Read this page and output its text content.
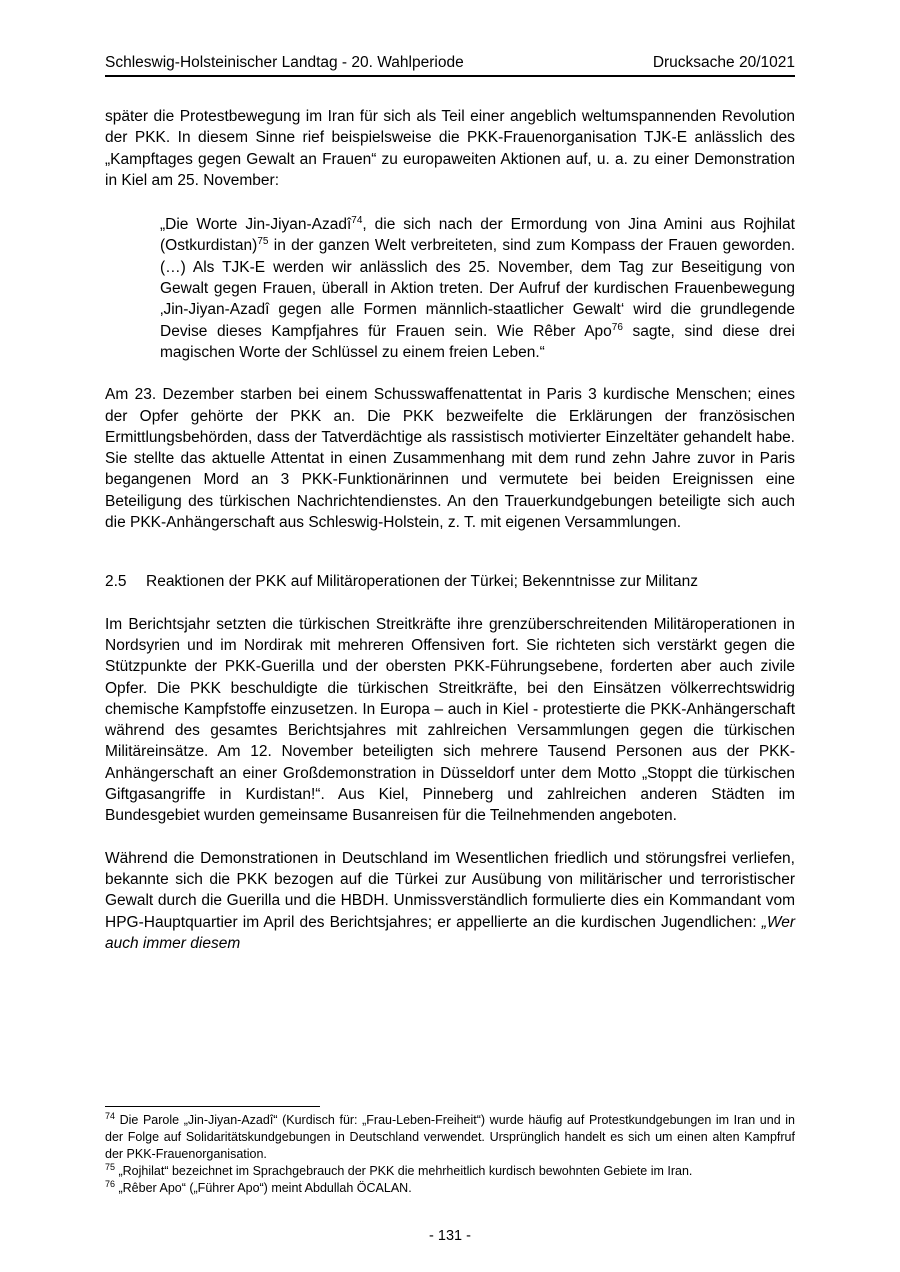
Schleswig-Holsteinischer Landtag - 20. Wahlperiode	Drucksache 20/1021

später die Protestbewegung im Iran für sich als Teil einer angeblich weltumspannenden Revolution der PKK. In diesem Sinne rief beispielsweise die PKK-Frauenorganisation TJK-E anlässlich des „Kampftages gegen Gewalt an Frauen“ zu europaweiten Aktionen auf, u. a. zu einer Demonstration in Kiel am 25. November:

„Die Worte Jin-Jiyan-Azadî$^{74}$, die sich nach der Ermordung von Jina Amini aus Rojhilat (Ostkurdistan)$^{75}$ in der ganzen Welt verbreiteten, sind zum Kompass der Frauen geworden. (…) Als TJK-E werden wir anlässlich des 25. November, dem Tag zur Beseitigung von Gewalt gegen Frauen, überall in Aktion treten. Der Aufruf der kurdischen Frauenbewegung ‚Jin-Jiyan-Azadî gegen alle Formen männlich-staatlicher Gewalt‘ wird die grundlegende Devise dieses Kampfjahres für Frauen sein. Wie Rêber Apo$^{76}$ sagte, sind diese drei magischen Worte der Schlüssel zu einem freien Leben.“

Am 23. Dezember starben bei einem Schusswaffenattentat in Paris 3 kurdische Menschen; eines der Opfer gehörte der PKK an. Die PKK bezweifelte die Erklärungen der französischen Ermittlungsbehörden, dass der Tatverdächtige als rassistisch motivierter Einzeltäter gehandelt habe. Sie stellte das aktuelle Attentat in einen Zusammenhang mit dem rund zehn Jahre zuvor in Paris begangenen Mord an 3 PKK-Funktionärinnen und vermutete bei beiden Ereignissen eine Beteiligung des türkischen Nachrichtendienstes. An den Trauerkundgebungen beteiligte sich auch die PKK-Anhängerschaft aus Schleswig-Holstein, z. T. mit eigenen Versammlungen.

2.5	Reaktionen der PKK auf Militäroperationen der Türkei; Bekenntnisse zur Militanz

Im Berichtsjahr setzten die türkischen Streitkräfte ihre grenzüberschreitenden Militäroperationen in Nordsyrien und im Nordirak mit mehreren Offensiven fort. Sie richteten sich verstärkt gegen die Stützpunkte der PKK-Guerilla und der obersten PKK-Führungsebene, forderten aber auch zivile Opfer. Die PKK beschuldigte die türkischen Streitkräfte, bei den Einsätzen völkerrechtswidrig chemische Kampfstoffe einzusetzen. In Europa – auch in Kiel - protestierte die PKK-Anhängerschaft während des gesamtes Berichtsjahres mit zahlreichen Versammlungen gegen die türkischen Militäreinsätze. Am 12. November beteiligten sich mehrere Tausend Personen aus der PKK-Anhängerschaft an einer Großdemonstration in Düsseldorf unter dem Motto „Stoppt die türkischen Giftgasangriffe in Kurdistan!“. Aus Kiel, Pinneberg und zahlreichen anderen Städten im Bundesgebiet wurden gemeinsame Busanreisen für die Teilnehmenden angeboten.

Während die Demonstrationen in Deutschland im Wesentlichen friedlich und störungsfrei verliefen, bekannte sich die PKK bezogen auf die Türkei zur Ausübung von militärischer und terroristischer Gewalt durch die Guerilla und die HBDH. Unmissverständlich formulierte dies ein Kommandant vom HPG-Hauptquartier im April des Berichtsjahres; er appellierte an die kurdischen Jugendlichen: „Wer auch immer diesem

$^{74}$ Die Parole „Jin-Jiyan-Azadî“ (Kurdisch für: „Frau-Leben-Freiheit“) wurde häufig auf Protestkundgebungen im Iran und in der Folge auf Solidaritätskundgebungen in Deutschland verwendet. Ursprünglich handelt es sich um einen alten Kampfruf der PKK-Frauenorganisation.
$^{75}$ „Rojhilat“ bezeichnet im Sprachgebrauch der PKK die mehrheitlich kurdisch bewohnten Gebiete im Iran.
$^{76}$ „Rêber Apo“ („Führer Apo“) meint Abdullah ÖCALAN.
- 131 -
